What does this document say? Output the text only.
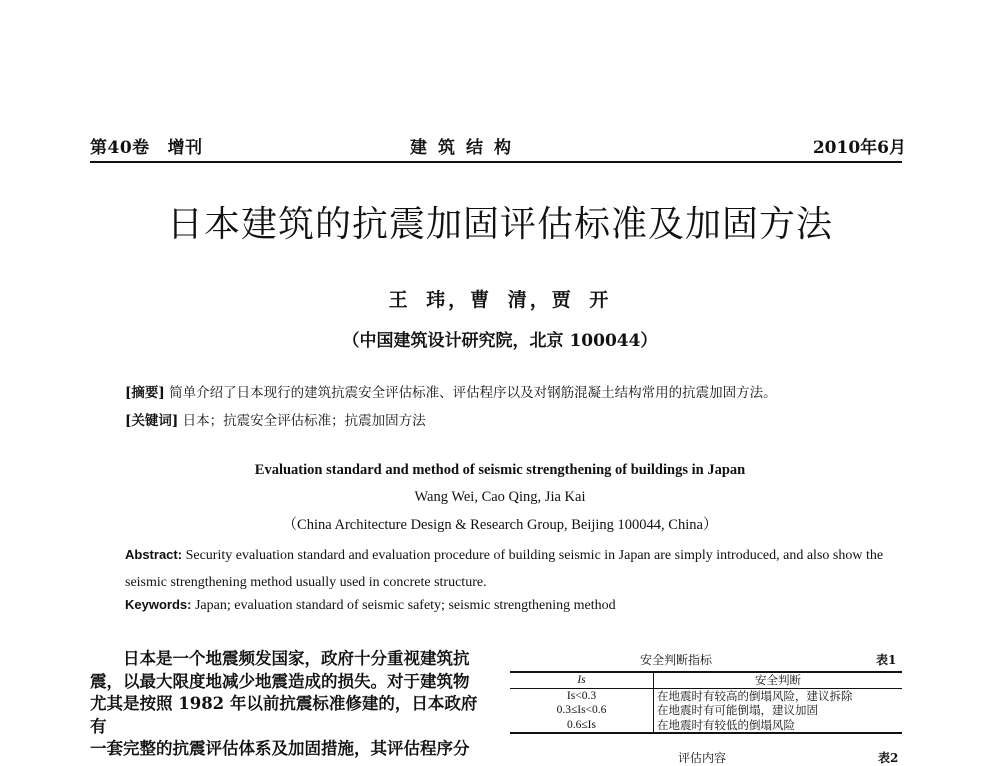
第40卷 增刊	建筑结构	2010年6月
日本建筑的抗震加固评估标准及加固方法
王 玮，曹 清，贾 开
（中国建筑设计研究院，北京 100044）
[摘要] 简单介绍了日本现行的建筑抗震安全评估标准、评估程序以及对钢筋混凝土结构常用的抗震加固方法。
[关键词] 日本；抗震安全评估标准；抗震加固方法
Evaluation standard and method of seismic strengthening of buildings in Japan
Wang Wei, Cao Qing, Jia Kai
（China Architecture Design & Research Group, Beijing 100044, China）
Abstract: Security evaluation standard and evaluation procedure of building seismic in Japan are simply introduced, and also show the seismic strengthening method usually used in concrete structure.
Keywords: Japan; evaluation standard of seismic safety; seismic strengthening method

日本是一个地震频发国家，政府十分重视建筑抗

震，以最大限度地减少地震造成的损失。对于建筑物

尤其是按照 1982 年以前抗震标准修建的，日本政府有

一套完整的抗震评估体系及加固措施，其评估程序分

安全判断指标	表1
Is	安全判断
Is<0.3	在地震时有较高的倒塌风险，建议拆除
0.3≤Is<0.6	在地震时有可能倒塌，建议加固
0.6≤Is	在地震时有较低的倒塌风险
评估内容	表2
